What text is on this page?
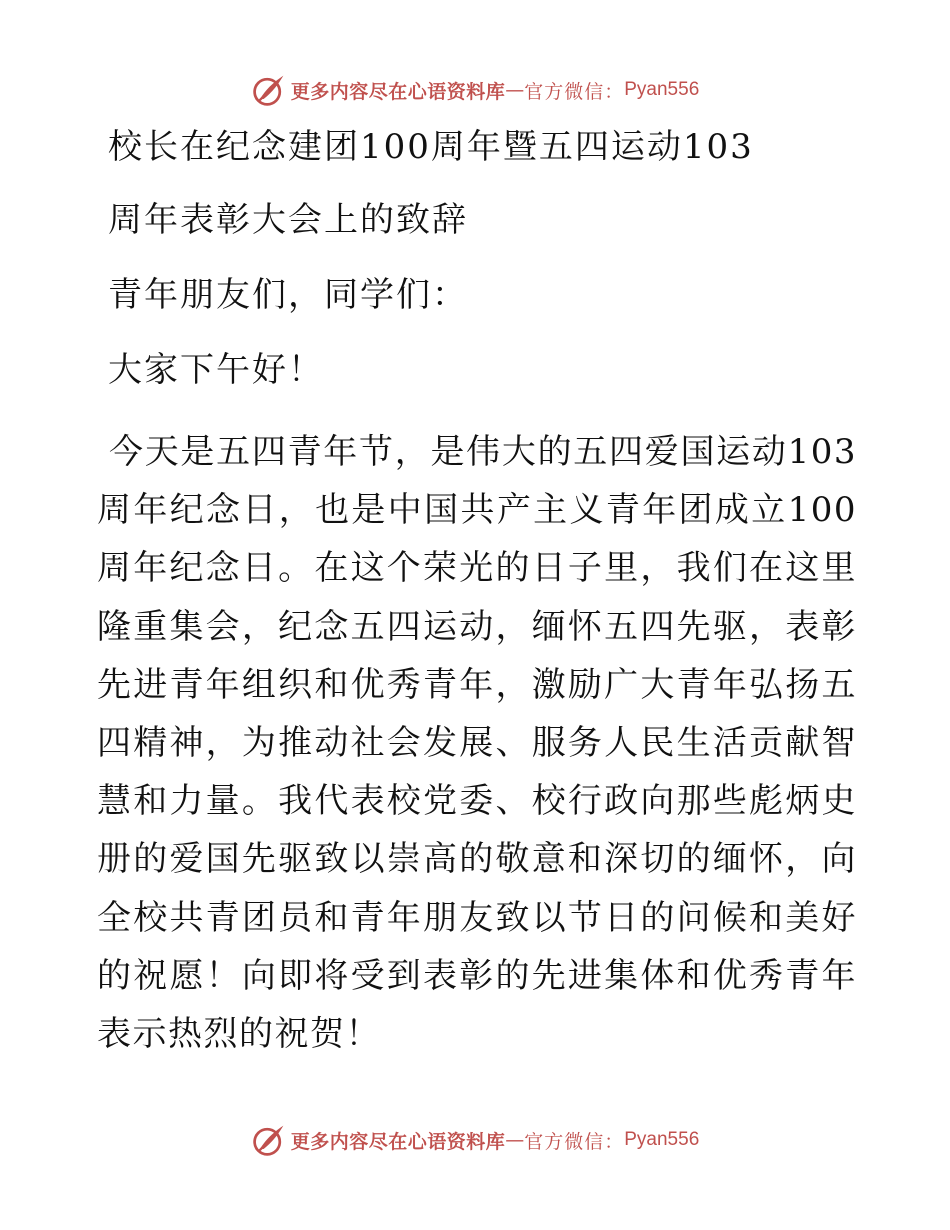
更多内容尽在心语资料库 — 官方微信： Pyan556
校长在纪念建团100周年暨五四运动103
周年表彰大会上的致辞
青年朋友们，同学们：
大家下午好！
今天是五四青年节，是伟大的五四爱国运动103周年纪念日，也是中国共产主义青年团成立100周年纪念日。在这个荣光的日子里，我们在这里隆重集会，纪念五四运动，缅怀五四先驱，表彰先进青年组织和优秀青年，激励广大青年弘扬五四精神，为推动社会发展、服务人民生活贡献智慧和力量。我代表校党委、校行政向那些彪炳史册的爱国先驱致以崇高的敬意和深切的缅怀，向全校共青团员和青年朋友致以节日的问候和美好的祝愿！向即将受到表彰的先进集体和优秀青年表示热烈的祝贺！
更多内容尽在心语资料库 — 官方微信： Pyan556
